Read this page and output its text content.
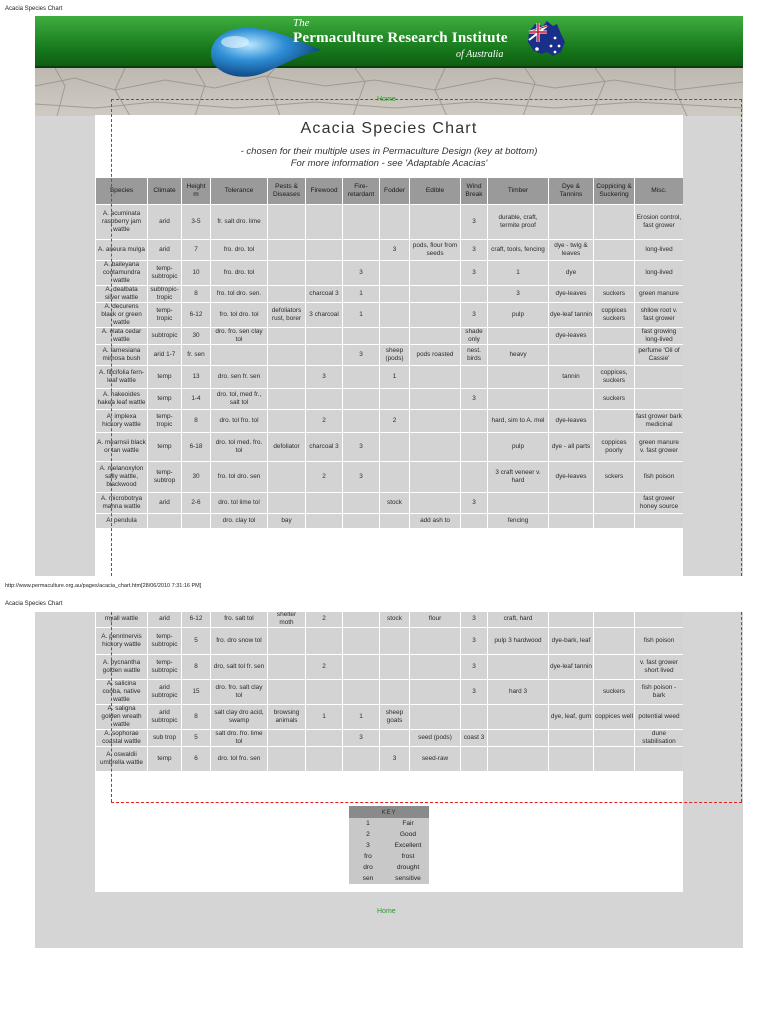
Acacia Species Chart
The
Permaculture Research Institute
of Australia
Home
Acacia Species Chart
- chosen for their multiple uses in Permaculture Design (key at bottom)
For more information - see 'Adaptable Acacias'
Species	Climate	Height m	Tolerance	Pests & Diseases	Firewood	Fire-retardant	Fodder	Edible	Wind Break	Timber	Dye & Tannins	Coppicing & Suckering	Misc.
A. acuminata raspberry jam wattle	arid	3-5	fr. salt dro. lime						3	durable, craft, termite proof			Erosion control, fast grower
A. aneura mulga	arid	7	fro. dro. tol				3	pods, flour from seeds	3	craft, tools, fencing	dye - twig & leaves		long-lived
A. baileyana cootamundra wattle	temp-subtropic	10	fro. dro. tol			3			3	1	dye		long-lived
A. dealbata silver wattle	subtropic-tropic	8	fro. tol dro. sen.		charcoal 3	1				3	dye-leaves	suckers	green manure
A. decurens black or green wattle	temp-tropic	6-12	fro. tol dro. tol	defoliators rust, borer	3 charcoal	1			3	pulp	dye-leaf tannin	coppices suckers	shllow root v. fast grower
A. elata cedar wattle	subtropic	30	dro. fro. sen clay tol						shade only		dye-leaves		fast growing long-lived
A. farnesiana mimosa bush	arid 1-7	fr. sen				3	sheep (pods)	pods roasted	nest. birds	heavy			perfume 'Oil of Cassie'
A. filicifolia fern-leaf wattle	temp	13	dro. sen fr. sen		3		1				tannin	coppices, suckers	
A. hakeoides hakea leaf wattle	temp	1-4	dro. tol, med fr., salt tol						3			suckers	
A. implexa hickory wattle	temp-tropic	8	dro. tol fro. tol		2		2			hard, sim to A. mel	dye-leaves		fast grower bark medicinal
A. mearnsii black or tan wattle	temp	6-18	dro. tol med. fro. tol	defoliator	charcoal 3	3				pulp	dye - all parts	coppices poorly	green manure v. fast grower
A. melanoxylon sally wattle, blackwood	temp-subtrop	30	fro. tol dro. sen		2	3				3 craft veneer v. hard	dye-leaves	sckers	fish poison
A. microbotrya manna wattle	arid	2-6	dro. tol lime tol				stock		3				fast grower honey source
A. pendula			dro. clay tol	bay				add ash to		fencing			
http://www.permaculture.org.au/pages/acacia_chart.htm[28/06/2010 7:31:16 PM]
Acacia Species Chart
myall wattle	arid	6-12	fro. salt tol	shelter moth	2		stock	flour	3	craft, hard			
A. pennlnervis hickory wattle	temp-subtropic	5	fro. dro snow tol						3	pulp 3 hardwood	dye-bark, leaf		fish poison
A. pycnantha golden wattle	temp-subtropic	8	dro, salt tol fr. sen		2				3		dye-leaf tannin		v. fast grower short lived
A. salicina cooba, native wattle	arid subtropic	15	dro. fro. salt clay tol						3	hard 3		suckers	fish poison - bark
A. saligna golden wreath wattle	arid subtropic	8	salt clay dro acid, swamp	browsing animals	1	1	sheep goats				dye, leaf, gum	coppices well	potential weed
A. sophorae coastal wattle	sub trop	5	salt dro. fro. lime tol			3		seed (pods)	coast 3				dune stabilisation
A. oswaldii umbrella wattle	temp	6	dro. tol fro. sen				3	seed-raw					
KEY	
1	Fair
2	Good
3	Excellent
fro	frost
dro	drought
sen	sensitive
Home
